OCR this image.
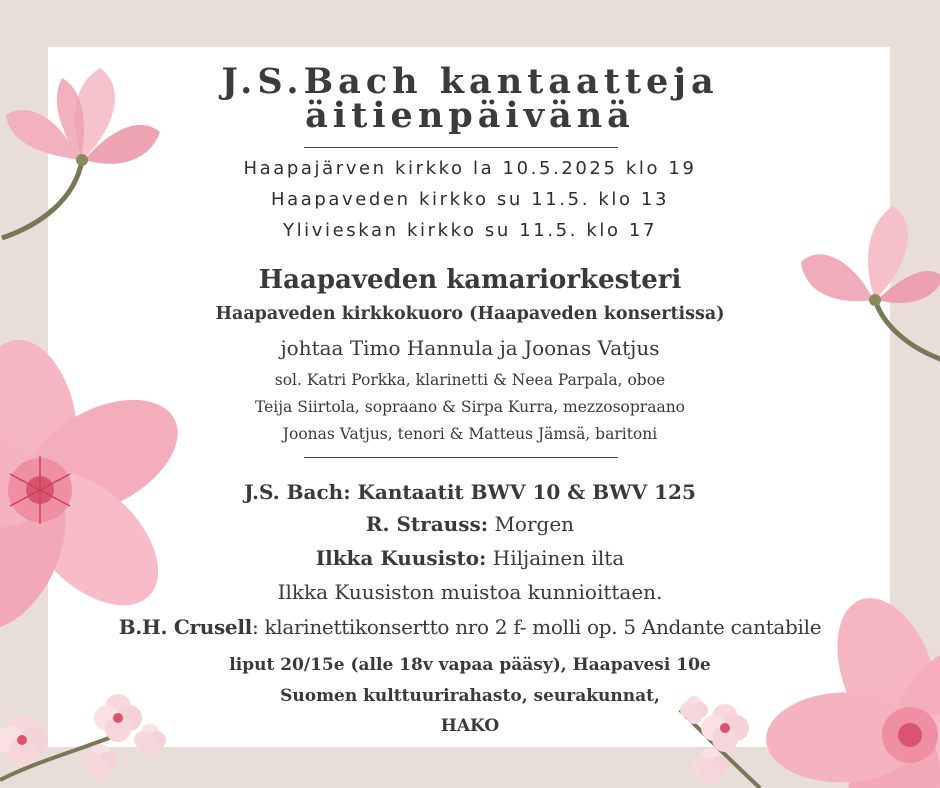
J.S.Bach kantaatteja
äitienpäivänä
Haapajärven kirkko la 10.5.2025 klo 19
Haapaveden kirkko su 11.5. klo 13
Ylivieskan kirkko su 11.5. klo 17
Haapaveden kamariorkesteri
Haapaveden kirkkokuoro (Haapaveden konsertissa)
johtaa Timo Hannula ja Joonas Vatjus
sol. Katri Porkka, klarinetti & Neea Parpala, oboe
Teija Siirtola, sopraano & Sirpa Kurra, mezzosopraano
Joonas Vatjus, tenori & Matteus Jämsä, baritoni
J.S. Bach: Kantaatit BWV 10 & BWV 125
R. Strauss: Morgen
Ilkka Kuusisto: Hiljainen ilta
Ilkka Kuusiston muistoa kunnioittaen.
B.H. Crusell: klarinettikonsertto nro 2 f- molli op. 5 Andante cantabile
liput 20/15e (alle 18v vapaa pääsy), Haapavesi 10e
Suomen kulttuurirahasto, seurakunnat,
HAKO
